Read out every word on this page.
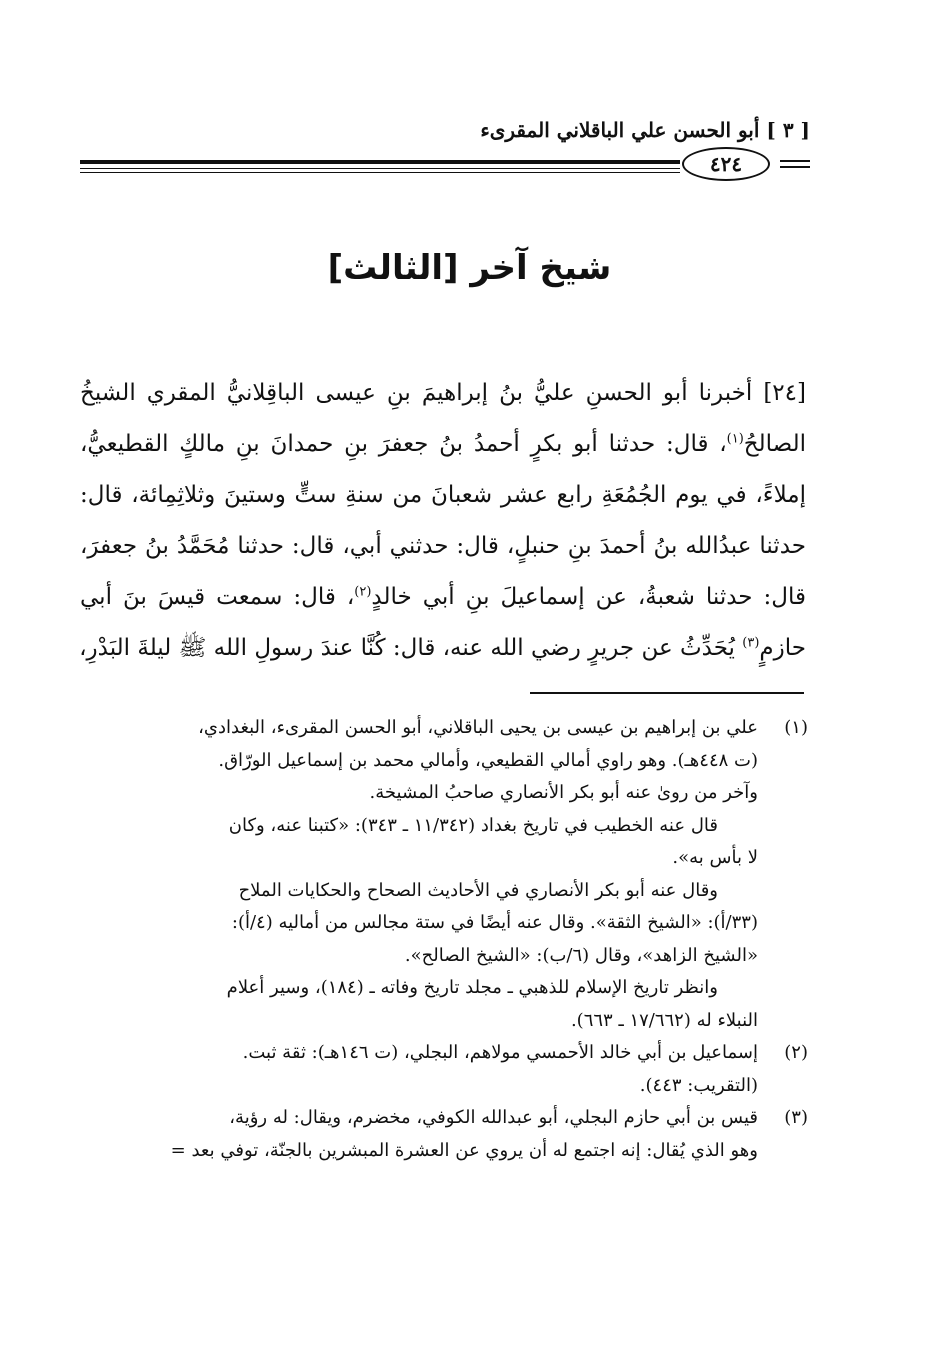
[ ٣ ] أبو الحسن علي الباقلاني المقرىء
٤٢٤
شيخ آخر [الثالث]
[٢٤] أخبرنا أبو الحسنِ عليُّ بنُ إبراهيمَ بنِ عيسى الباقِلانيُّ المقري الشيخُ
الصالحُ$^{(١)}$، قال: حدثنا أبو بكرٍ أحمدُ بنُ جعفرَ بنِ حمدانَ بنِ مالكٍ القطيعيُّ،
إملاءً، في يوم الجُمُعَةِ رابع عشر شعبانَ من سنةِ ستٍّ وستينَ وثلاثِمِائة، قال:
حدثنا عبدُالله بنُ أحمدَ بنِ حنبلٍ، قال: حدثني أبي، قال: حدثنا مُحَمَّدُ بنُ جعفرَ،
قال: حدثنا شعبةُ، عن إسماعيلَ بنِ أبي خالدٍ$^{(٢)}$، قال: سمعت قيسَ بنَ أبي
حازمٍ$^{(٣)}$ يُحَدِّثُ عن جريرٍ رضي الله عنه، قال: كُنَّا عندَ رسولِ الله ﷺ ليلةَ البَدْرِ،
(١)
علي بن إبراهيم بن عيسى بن يحيى الباقلاني، أبو الحسن المقرىء، البغدادي،
(ت ٤٤٨هـ). وهو راوي أمالي القطيعي، وأمالي محمد بن إسماعيل الورّاق.
وآخر من روىٰ عنه أبو بكر الأنصاري صاحبُ المشيخة.
قال عنه الخطيب في تاريخ بغداد (١١/٣٤٢ ـ ٣٤٣): «كتبنا عنه، وكان
لا بأس به».
وقال عنه أبو بكر الأنصاري في الأحاديث الصحاح والحكايات الملاح
(٣٣/أ): «الشيخ الثقة». وقال عنه أيضًا في ستة مجالس من أماليه (٤/أ):
«الشيخ الزاهد»، وقال (٦/ب): «الشيخ الصالح».
وانظر تاريخ الإسلام للذهبي ـ مجلد تاريخ وفاته ـ (١٨٤)، وسير أعلام
النبلاء له (١٧/٦٦٢ ـ ٦٦٣).
(٢)
إسماعيل بن أبي خالد الأحمسي مولاهم، البجلي، (ت ١٤٦هـ): ثقة ثبت.
(التقريب: ٤٤٣).
(٣)
قيس بن أبي حازم البجلي، أبو عبدالله الكوفي، مخضرم، ويقال: له رؤية،
وهو الذي يُقال: إنه اجتمع له أن يروي عن العشرة المبشرين بالجنّة، توفي بعد =
